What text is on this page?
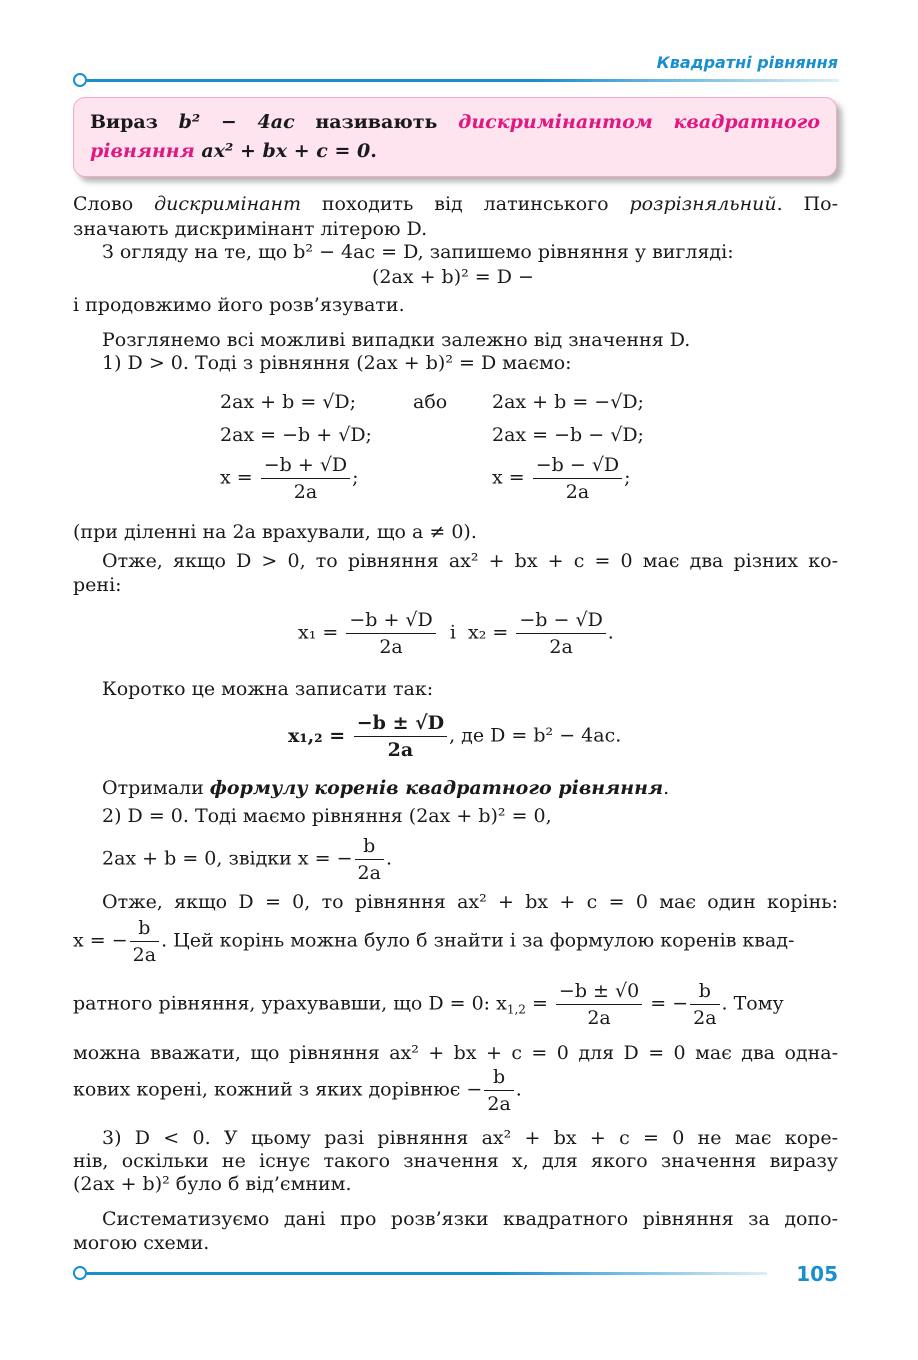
Квадратні рівняння
Вираз b² − 4ac називають дискримінантом квадратного рівняння ax² + bx + c = 0.
Слово дискримінант походить від латинського розрізняльний. По-
значають дискримінант літерою D.
З огляду на те, що b² − 4ac = D, запишемо рівняння у вигляді:
(2ax + b)² = D −
і продовжимо його розв’язувати.
Розглянемо всі можливі випадки залежно від значення D.
1) D > 0. Тоді з рівняння (2ax + b)² = D маємо:
2ax + b = √D;	або 2ax + b = −√D;
2ax = −b + √D;	2ax = −b − √D;
$x = \frac{-b + √D}{2a}$ ;	$x = \frac{-b - √D}{2a}$ ;
(при діленні на 2a врахували, що a ≠ 0).
Отже, якщо D > 0, то рівняння ax² + bx + c = 0 має два різних ко-
рені:
$x_1 = \frac{-b + √D}{2a}$ і $x_2 = \frac{-b - √D}{2a}$ .
Коротко це можна записати так:
$x_1,_2 = \frac{-b \pm √D}{2a}$ , де D = b² − 4ac.
Отримали формулу коренів квадратного рівняння.
2) D = 0. Тоді маємо рівняння (2ax + b)² = 0,
2ax + b = 0, звідки x = − $\frac{b}{2a}$ .
Отже, якщо D = 0, то рівняння ax² + bx + c = 0 має один корінь:
x = − $\frac{b}{2a}$ . Цей корінь можна було б знайти і за формулою коренів квад-
ратного рівняння, урахувавши, що D = 0: $x_{1,2} = \frac{-b \pm √0}{2a}$ = − $\frac{b}{2a}$ . Тому
можна вважати, що рівняння ax² + bx + c = 0 для D = 0 має два одна-
кових корені, кожний з яких дорівнює − $\frac{b}{2a}$ .
3) D < 0. У цьому разі рівняння ax² + bx + c = 0 не має коре-
нів, оскільки не існує такого значення x, для якого значення виразу
(2ax + b)² було б від’ємним.
Систематизуємо дані про розв’язки квадратного рівняння за допо-
могою схеми.
105
